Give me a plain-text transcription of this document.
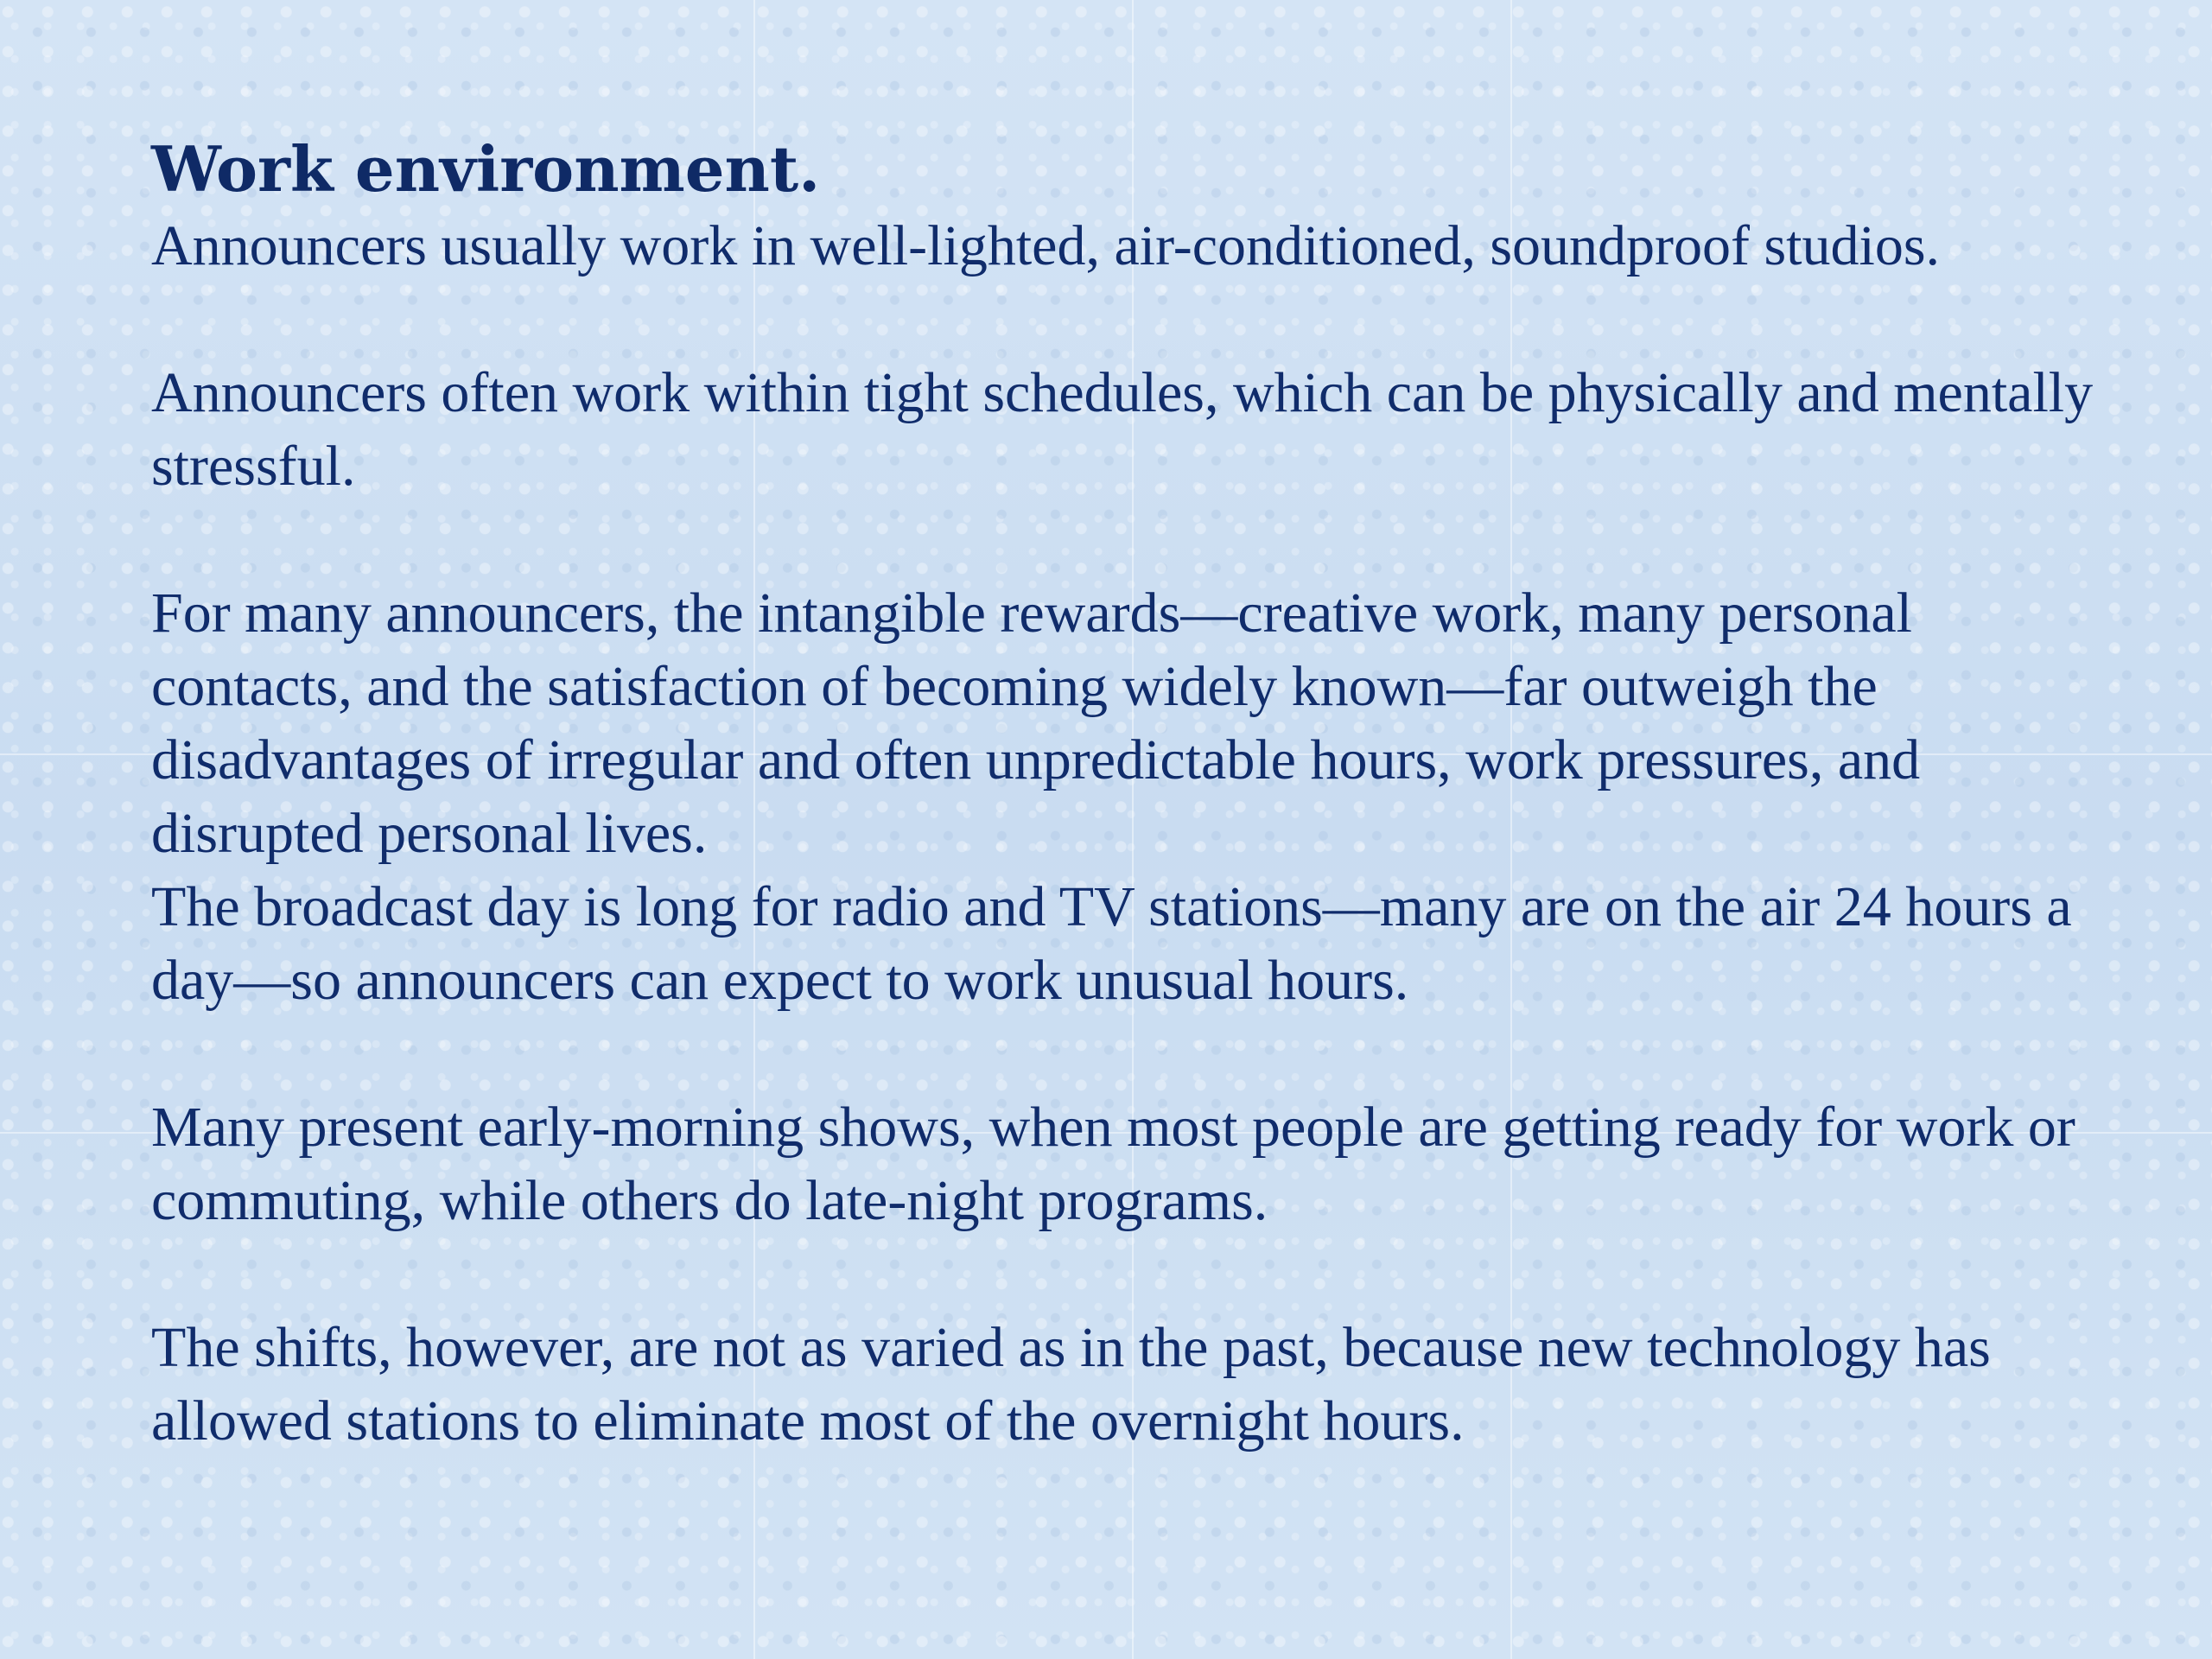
Work environment.

Announcers usually work in well-lighted, air-conditioned, soundproof studios.

Announcers often work within tight schedules, which can be physically and mentally stressful.

For many announcers, the intangible rewards—creative work, many personal contacts, and the satisfaction of becoming widely known—far outweigh the disadvantages of irregular and often unpredictable hours, work pressures, and disrupted personal lives.

The broadcast day is long for radio and TV stations—many are on the air 24 hours a day—so announcers can expect to work unusual hours.

Many present early-morning shows, when most people are getting ready for work or commuting, while others do late-night programs.

The shifts, however, are not as varied as in the past, because new technology has allowed stations to eliminate most of the overnight hours.
